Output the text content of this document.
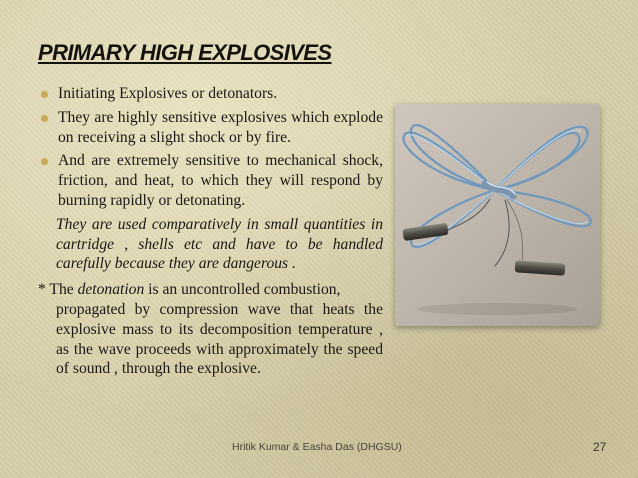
PRIMARY HIGH EXPLOSIVES
Initiating Explosives or detonators.
They are highly sensitive explosives which explode on receiving a slight shock or by fire.
And are extremely sensitive to mechanical shock, friction, and heat, to which they will respond by burning rapidly or detonating.
They are used comparatively in small quantities in cartridge , shells etc and have to be handled carefully because they are dangerous .
* The detonation is an uncontrolled combustion,
propagated by compression wave that heats the explosive mass to its decomposition temperature , as the wave proceeds with approximately the speed of sound , through the explosive.
Hritik Kumar & Easha Das (DHGSU)	27
